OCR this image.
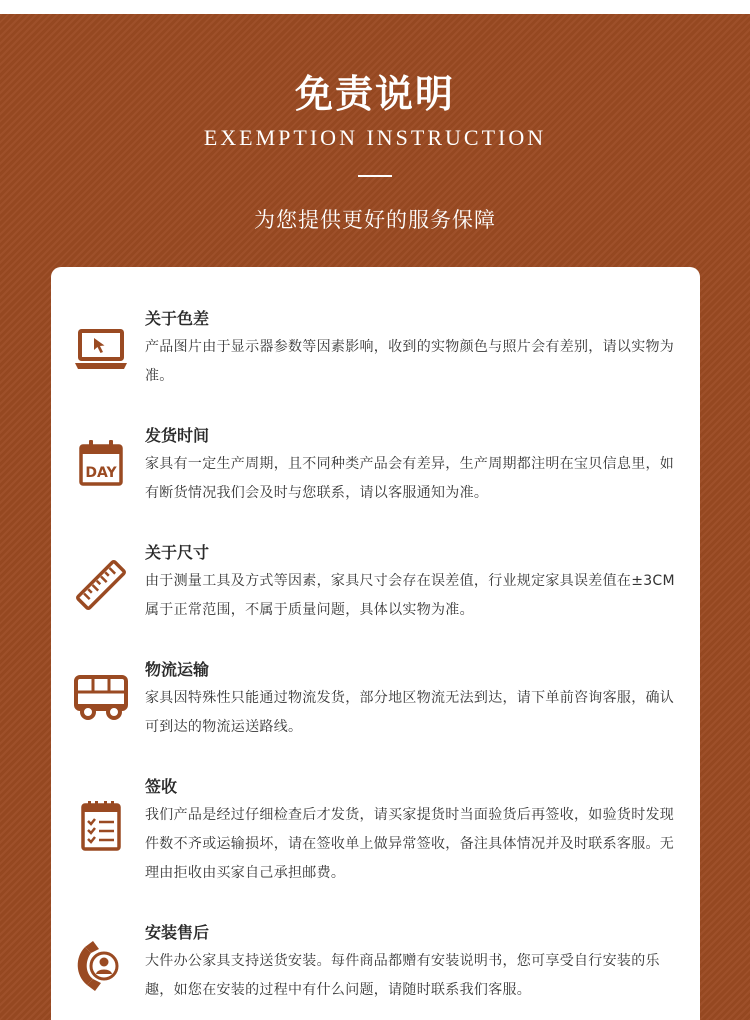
免责说明
EXEMPTION INSTRUCTION
为您提供更好的服务保障
关于色差
产品图片由于显示器参数等因素影响，收到的实物颜色与照片会有差别，请以实物为准。
DAY
发货时间
家具有一定生产周期，且不同种类产品会有差异，生产周期都注明在宝贝信息里，如有断货情况我们会及时与您联系，请以客服通知为准。
关于尺寸
由于测量工具及方式等因素，家具尺寸会存在误差值，行业规定家具误差值在±3CM属于正常范围，不属于质量问题，具体以实物为准。
物流运输
家具因特殊性只能通过物流发货，部分地区物流无法到达，请下单前咨询客服，确认可到达的物流运送路线。
签收
我们产品是经过仔细检查后才发货，请买家提货时当面验货后再签收，如验货时发现件数不齐或运输损坏，请在签收单上做异常签收，备注具体情况并及时联系客服。无理由拒收由买家自己承担邮费。
安装售后
大件办公家具支持送货安装。每件商品都赠有安装说明书，您可享受自行安装的乐趣，如您在安装的过程中有什么问题，请随时联系我们客服。
